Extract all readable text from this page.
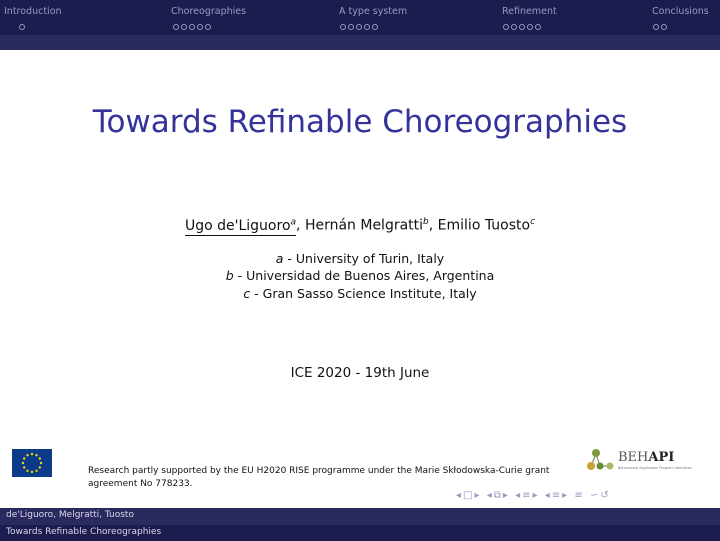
Introduction	Choreographies	A type system	Refinement	Conclusions
Towards Refinable Choreographies
Ugo de'Liguoro$^a$, Hernán Melgratti$^b$, Emilio Tuosto$^c$
a - University of Turin, Italy
b - Universidad de Buenos Aires, Argentina
c - Gran Sasso Science Institute, Italy
ICE 2020 - 19th June
Research partly supported by the EU H2020 RISE programme under the Marie Skłodowska-Curie grant agreement No 778233.
BEHAPI
Behavioural Application Program Interfaces
◂□▸ ◂⧉▸ ◂≡▸ ◂≡▸ ≡ ∽↺
de'Liguoro, Melgratti, Tuosto
Towards Refinable Choreographies
